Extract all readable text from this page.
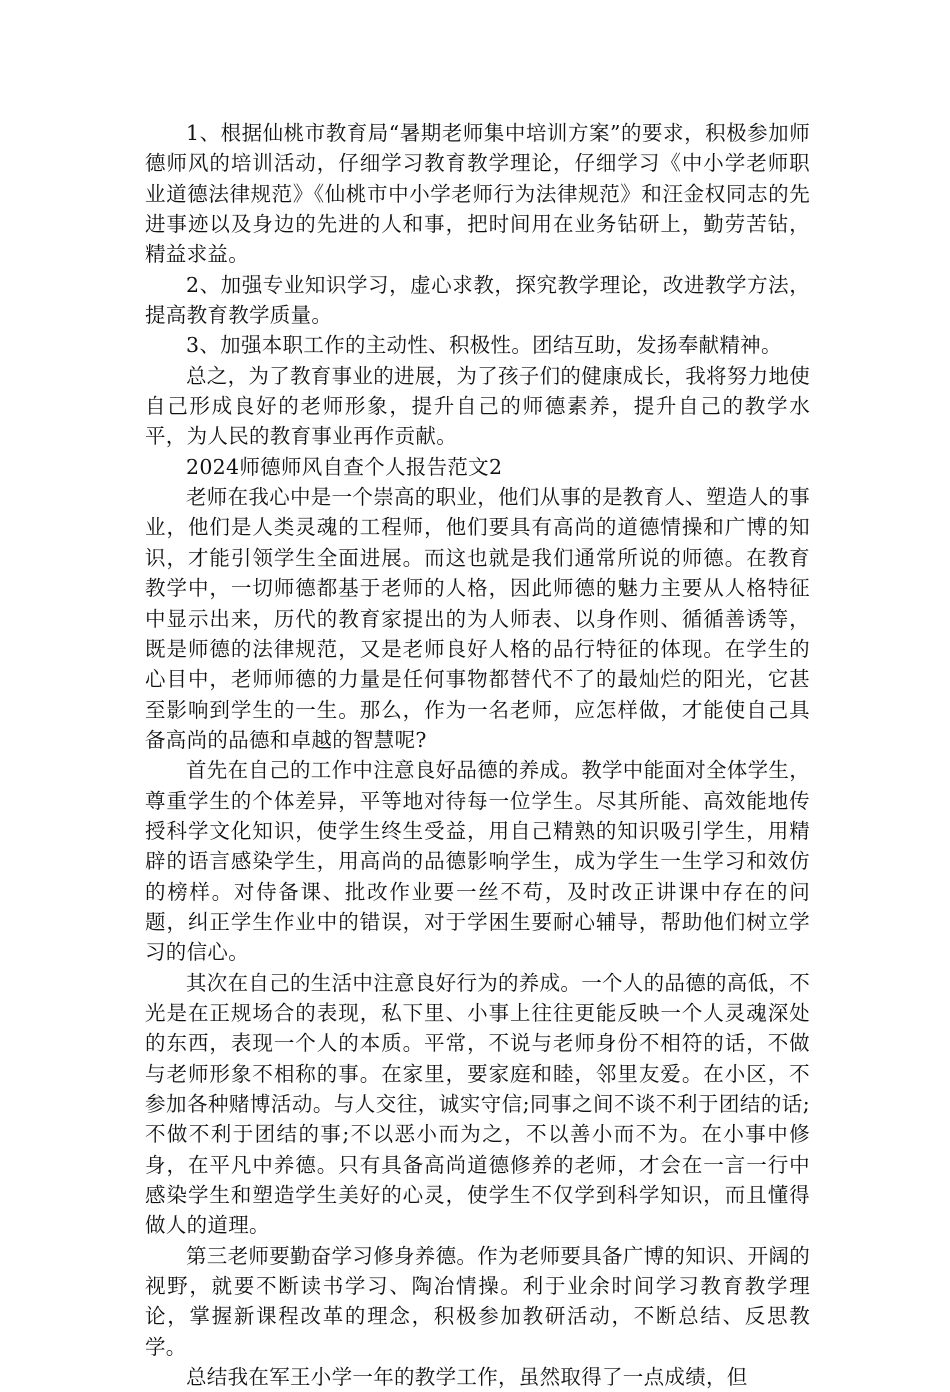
1、根据仙桃市教育局“暑期老师集中培训方案”的要求，积极参加师德师风的培训活动，仔细学习教育教学理论，仔细学习《中小学老师职业道德法律规范》《仙桃市中小学老师行为法律规范》和汪金权同志的先进事迹以及身边的先进的人和事，把时间用在业务钻研上，勤劳苦钻，精益求益。

2、加强专业知识学习，虚心求教，探究教学理论，改进教学方法，提高教育教学质量。

3、加强本职工作的主动性、积极性。团结互助，发扬奉献精神。

总之，为了教育事业的进展，为了孩子们的健康成长，我将努力地使自己形成良好的老师形象，提升自己的师德素养，提升自己的教学水平，为人民的教育事业再作贡献。

2024师德师风自查个人报告范文2

老师在我心中是一个崇高的职业，他们从事的是教育人、塑造人的事业，他们是人类灵魂的工程师，他们要具有高尚的道德情操和广博的知识，才能引领学生全面进展。而这也就是我们通常所说的师德。在教育教学中，一切师德都基于老师的人格，因此师德的魅力主要从人格特征中显示出来，历代的教育家提出的为人师表、以身作则、循循善诱等，既是师德的法律规范，又是老师良好人格的品行特征的体现。在学生的心目中，老师师德的力量是任何事物都替代不了的最灿烂的阳光，它甚至影响到学生的一生。那么，作为一名老师，应怎样做，才能使自己具备高尚的品德和卓越的智慧呢?

首先在自己的工作中注意良好品德的养成。教学中能面对全体学生，尊重学生的个体差异，平等地对待每一位学生。尽其所能、高效能地传授科学文化知识，使学生终生受益，用自己精熟的知识吸引学生，用精辟的语言感染学生，用高尚的品德影响学生，成为学生一生学习和效仿的榜样。对侍备课、批改作业要一丝不苟，及时改正讲课中存在的问题，纠正学生作业中的错误，对于学困生要耐心辅导，帮助他们树立学习的信心。

其次在自己的生活中注意良好行为的养成。一个人的品德的高低，不光是在正规场合的表现，私下里、小事上往往更能反映一个人灵魂深处的东西，表现一个人的本质。平常，不说与老师身份不相符的话，不做与老师形象不相称的事。在家里，要家庭和睦，邻里友爱。在小区，不参加各种赌博活动。与人交往，诚实守信;同事之间不谈不利于团结的话;不做不利于团结的事;不以恶小而为之，不以善小而不为。在小事中修身，在平凡中养德。只有具备高尚道德修养的老师，才会在一言一行中感染学生和塑造学生美好的心灵，使学生不仅学到科学知识，而且懂得做人的道理。

第三老师要勤奋学习修身养德。作为老师要具备广博的知识、开阔的视野，就要不断读书学习、陶冶情操。利于业余时间学习教育教学理论，掌握新课程改革的理念，积极参加教研活动，不断总结、反思教学。

总结我在军王小学一年的教学工作，虽然取得了一点成绩，但
